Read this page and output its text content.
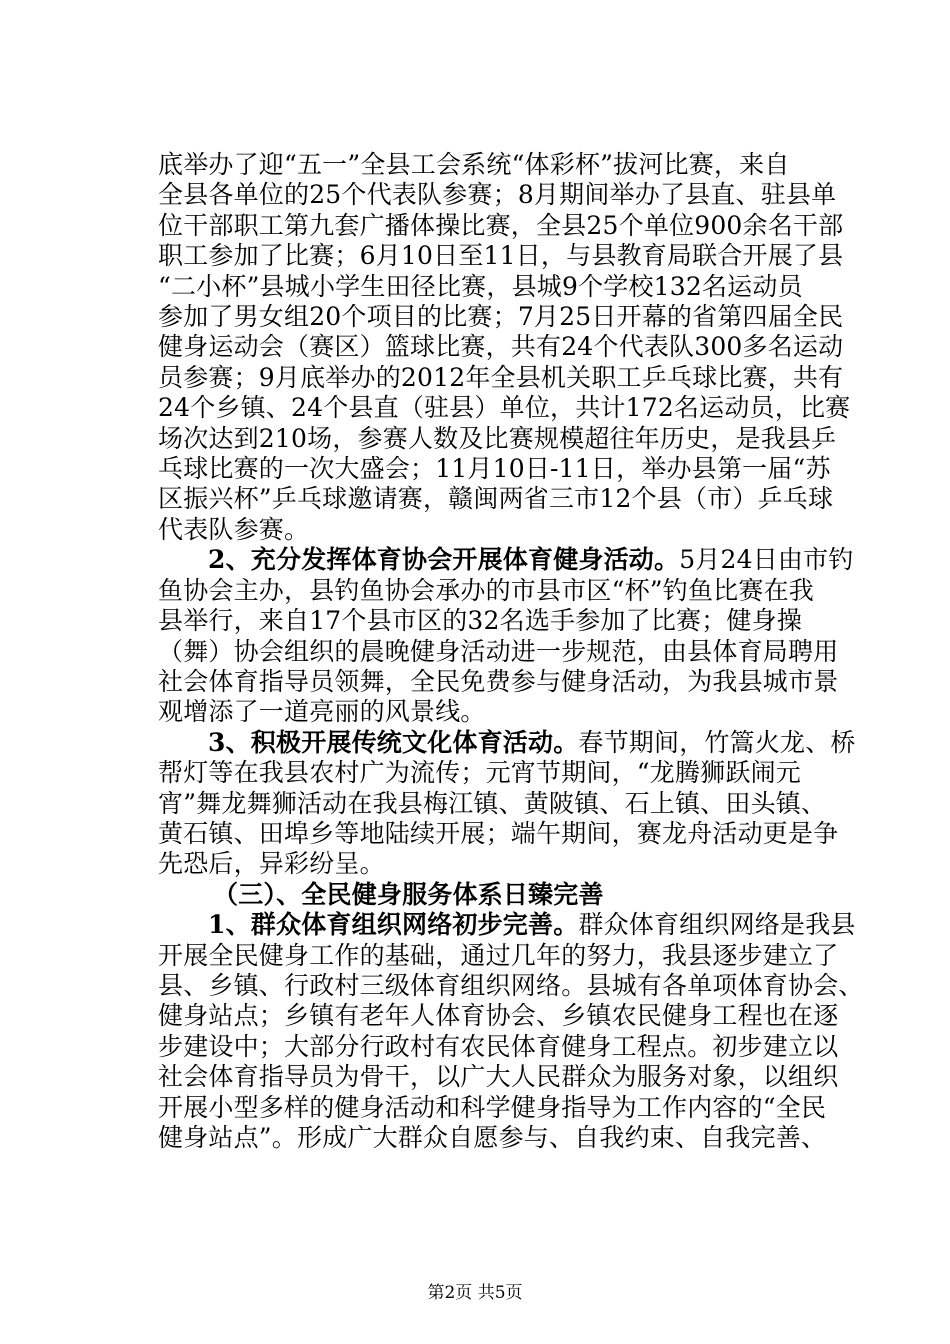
底举办了迎“五一”全县工会系统“体彩杯”拔河比赛，来自
全县各单位的25个代表队参赛；8月期间举办了县直、驻县单
位干部职工第九套广播体操比赛，全县25个单位900余名干部
职工参加了比赛；6月10日至11日，与县教育局联合开展了县
“二小杯”县城小学生田径比赛，县城9个学校132名运动员
参加了男女组20个项目的比赛；7月25日开幕的省第四届全民
健身运动会（赛区）篮球比赛，共有24个代表队300多名运动
员参赛；9月底举办的2012年全县机关职工乒乓球比赛，共有
24个乡镇、24个县直（驻县）单位，共计172名运动员，比赛
场次达到210场，参赛人数及比赛规模超往年历史，是我县乒
乓球比赛的一次大盛会；11月10日-11日，举办县第一届“苏
区振兴杯”乒乓球邀请赛，赣闽两省三市12个县（市）乒乓球
代表队参赛。
2、充分发挥体育协会开展体育健身活动。5月24日由市钓
鱼协会主办，县钓鱼协会承办的市县市区“杯”钓鱼比赛在我
县举行，来自17个县市区的32名选手参加了比赛；健身操
（舞）协会组织的晨晚健身活动进一步规范，由县体育局聘用
社会体育指导员领舞，全民免费参与健身活动，为我县城市景
观增添了一道亮丽的风景线。
3、积极开展传统文化体育活动。春节期间，竹篙火龙、桥
帮灯等在我县农村广为流传；元宵节期间，“龙腾狮跃闹元
宵”舞龙舞狮活动在我县梅江镇、黄陂镇、石上镇、田头镇、
黄石镇、田埠乡等地陆续开展；端午期间，赛龙舟活动更是争
先恐后，异彩纷呈。
（三）、全民健身服务体系日臻完善
1、群众体育组织网络初步完善。群众体育组织网络是我县
开展全民健身工作的基础，通过几年的努力，我县逐步建立了
县、乡镇、行政村三级体育组织网络。县城有各单项体育协会、
健身站点；乡镇有老年人体育协会、乡镇农民健身工程也在逐
步建设中；大部分行政村有农民体育健身工程点。初步建立以
社会体育指导员为骨干，以广大人民群众为服务对象，以组织
开展小型多样的健身活动和科学健身指导为工作内容的“全民
健身站点”。形成广大群众自愿参与、自我约束、自我完善、
第2页 共5页
